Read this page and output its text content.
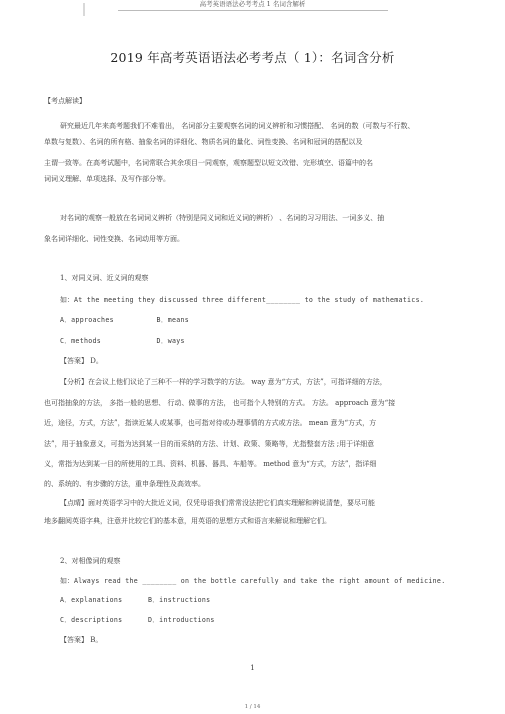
高考英语语法必考考点 1 名词含解析
2019 年高考英语语法必考考点（ 1）：名词含分析
【考点解读】
研究最近几年来高考题我们不难看出， 名词部分主要观察名词的词义辨析和习惯搭配、 名词的数（可数与不行数、
单数与复数）、名词的所有格、抽象名词的详细化、物质名词的量化、词性变换、名词和冠词的搭配以及
主谓一致等。在高考试题中，名词常联合其余项目一同观察，观察题型以短文改错、完形填空、语篇中的名
词词义理解、单项选择、及写作部分等。
对名词的观察一般放在名词词义辨析（特别是同义词和近义词的辨析） 、名词的习习用法、一词多义、抽
象名词详细化、词性变换、名词动用等方面。
1、对同义词、近义词的观察
如：At the meeting they discussed three different________ to the study of mathematics.
A．approaches          B．means
C．methods             D．ways
【答案】 D。
【分析】在会议上他们议论了三种不一样的学习数学的方法。 way 意为“方式，方法”，可指详细的方法，
也可指抽象的方法， 多指一般的思想、 行动、做事的方法， 也可指个人特别的方式。 方法。 approach 意为“接
近，途径，方式，方法”，指读近某人或某事，也可指对待或办理事情的方式或方法。 mean 意为“方式，方
法”，用于抽象意义，可指为达到某一目的而采纳的方法、计划、政策、策略等，尤指整套方法 ;用于详细意
义，常指为达到某一目的所使用的工具、资料、机器、器具、车船等。 method 意为“方式，方法”，指详细
的、系统的、有步骤的方法，重申条理性及高效率。
【点晴】面对英语学习中的大批近义词，仅凭母语我们常常没法把它们真实理解和辨说清楚，要尽可能
地多翻阅英语字典，注意并比较它们的基本意，用英语的思想方式和语言来解说和理解它们。
2、对相像词的观察
如：Always read the ________ on the bottle carefully and take the right amount of medicine.
A．explanations      B．instructions
C．descriptions      D．introductions
【答案】 B。
1
1 / 14
